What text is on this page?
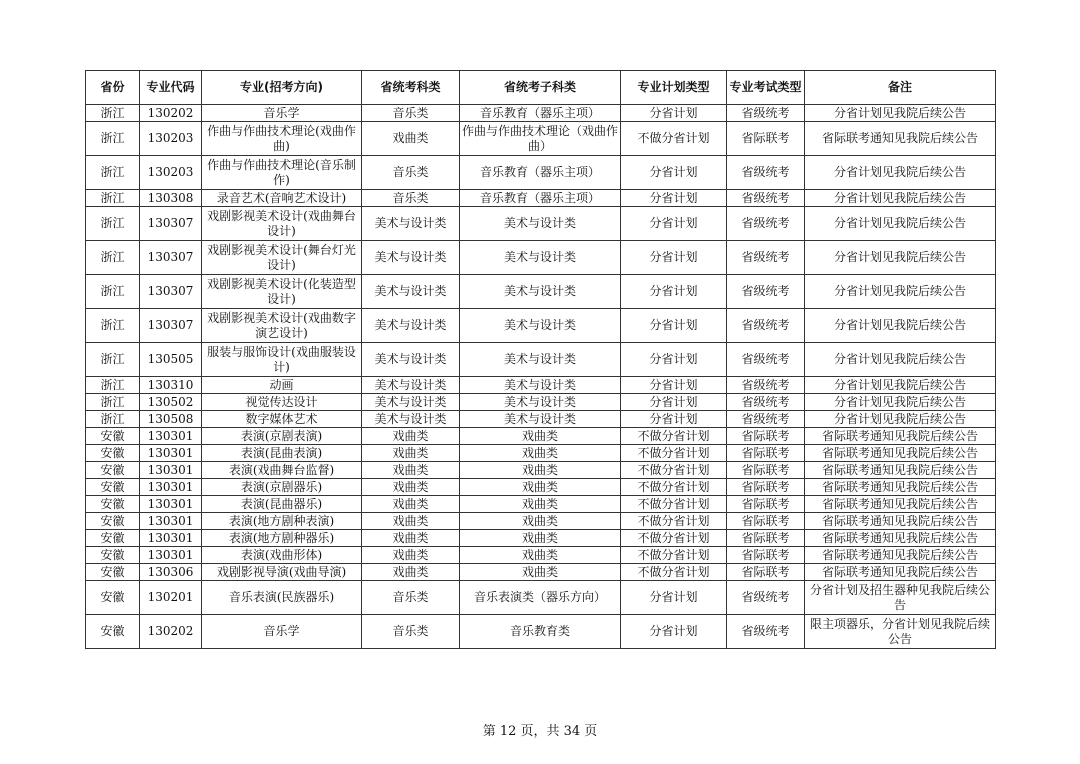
省份	专业代码	专业(招考方向)	省统考科类	省统考子科类	专业计划类型	专业考试类型	备注
浙江	130202	音乐学	音乐类	音乐教育（器乐主项）	分省计划	省级统考	分省计划见我院后续公告
浙江	130203	作曲与作曲技术理论(戏曲作曲)	戏曲类	作曲与作曲技术理论（戏曲作曲）	不做分省计划	省际联考	省际联考通知见我院后续公告
浙江	130203	作曲与作曲技术理论(音乐制作)	音乐类	音乐教育（器乐主项）	分省计划	省级统考	分省计划见我院后续公告
浙江	130308	录音艺术(音响艺术设计)	音乐类	音乐教育（器乐主项）	分省计划	省级统考	分省计划见我院后续公告
浙江	130307	戏剧影视美术设计(戏曲舞台设计)	美术与设计类	美术与设计类	分省计划	省级统考	分省计划见我院后续公告
浙江	130307	戏剧影视美术设计(舞台灯光设计)	美术与设计类	美术与设计类	分省计划	省级统考	分省计划见我院后续公告
浙江	130307	戏剧影视美术设计(化装造型设计)	美术与设计类	美术与设计类	分省计划	省级统考	分省计划见我院后续公告
浙江	130307	戏剧影视美术设计(戏曲数字演艺设计)	美术与设计类	美术与设计类	分省计划	省级统考	分省计划见我院后续公告
浙江	130505	服装与服饰设计(戏曲服装设计)	美术与设计类	美术与设计类	分省计划	省级统考	分省计划见我院后续公告
浙江	130310	动画	美术与设计类	美术与设计类	分省计划	省级统考	分省计划见我院后续公告
浙江	130502	视觉传达设计	美术与设计类	美术与设计类	分省计划	省级统考	分省计划见我院后续公告
浙江	130508	数字媒体艺术	美术与设计类	美术与设计类	分省计划	省级统考	分省计划见我院后续公告
安徽	130301	表演(京剧表演)	戏曲类	戏曲类	不做分省计划	省际联考	省际联考通知见我院后续公告
安徽	130301	表演(昆曲表演)	戏曲类	戏曲类	不做分省计划	省际联考	省际联考通知见我院后续公告
安徽	130301	表演(戏曲舞台监督)	戏曲类	戏曲类	不做分省计划	省际联考	省际联考通知见我院后续公告
安徽	130301	表演(京剧器乐)	戏曲类	戏曲类	不做分省计划	省际联考	省际联考通知见我院后续公告
安徽	130301	表演(昆曲器乐)	戏曲类	戏曲类	不做分省计划	省际联考	省际联考通知见我院后续公告
安徽	130301	表演(地方剧种表演)	戏曲类	戏曲类	不做分省计划	省际联考	省际联考通知见我院后续公告
安徽	130301	表演(地方剧种器乐)	戏曲类	戏曲类	不做分省计划	省际联考	省际联考通知见我院后续公告
安徽	130301	表演(戏曲形体)	戏曲类	戏曲类	不做分省计划	省际联考	省际联考通知见我院后续公告
安徽	130306	戏剧影视导演(戏曲导演)	戏曲类	戏曲类	不做分省计划	省际联考	省际联考通知见我院后续公告
安徽	130201	音乐表演(民族器乐)	音乐类	音乐表演类（器乐方向）	分省计划	省级统考	分省计划及招生器种见我院后续公告
安徽	130202	音乐学	音乐类	音乐教育类	分省计划	省级统考	限主项器乐，分省计划见我院后续公告
第 12 页，共 34 页
